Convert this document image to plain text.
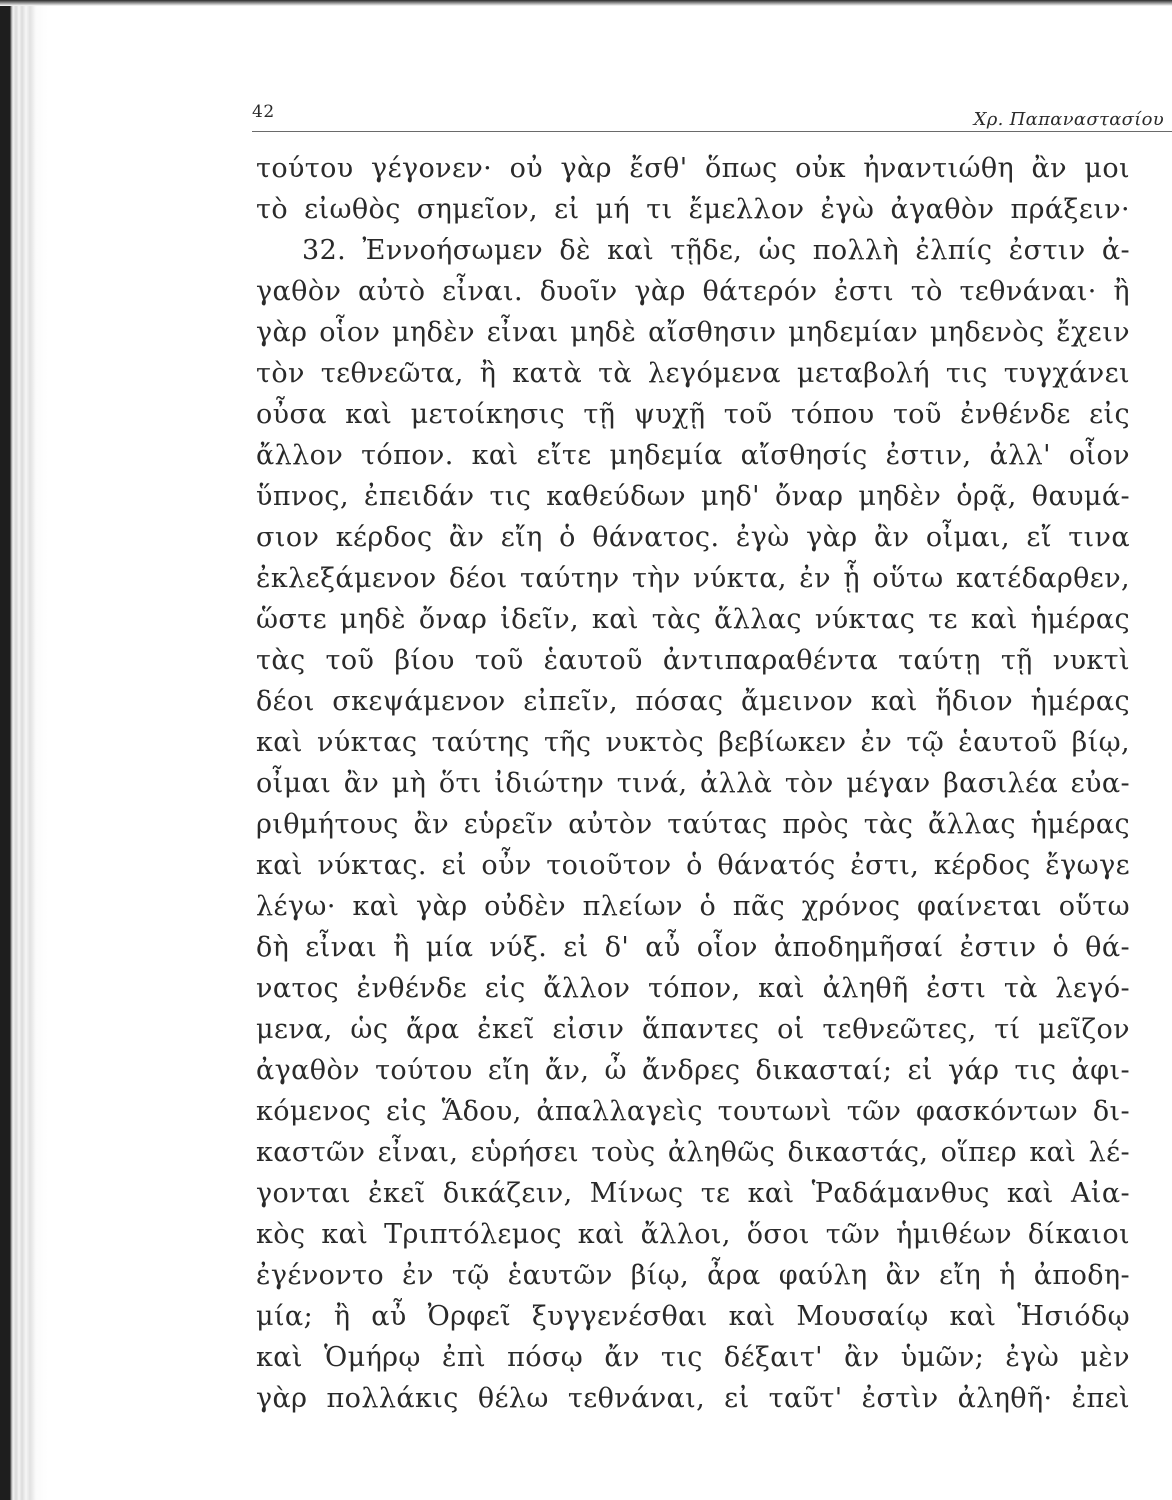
42	Χρ. Παπαναστασίου
τούτου γέγονεν· οὐ γὰρ ἔσθ' ὅπως οὐκ ἠναντιώθη ἂν μοι
τὸ εἰωθὸς σημεῖον, εἰ μή τι ἔμελλον ἐγὼ ἀγαθὸν πράξειν·
32. Ἐννοήσωμεν δὲ καὶ τῇδε, ὡς πολλὴ ἐλπίς ἐστιν ἀ-
γαθὸν αὐτὸ εἶναι. δυοῖν γὰρ θάτερόν ἐστι τὸ τεθνάναι· ἢ
γὰρ οἷον μηδὲν εἶναι μηδὲ αἴσθησιν μηδεμίαν μηδενὸς ἔχειν
τὸν τεθνεῶτα, ἢ κατὰ τὰ λεγόμενα μεταβολή τις τυγχάνει
οὖσα καὶ μετοίκησις τῇ ψυχῇ τοῦ τόπου τοῦ ἐνθένδε εἰς
ἄλλον τόπον. καὶ εἴτε μηδεμία αἴσθησίς ἐστιν, ἀλλ' οἷον
ὕπνος, ἐπειδάν τις καθεύδων μηδ' ὄναρ μηδὲν ὁρᾷ, θαυμά-
σιον κέρδος ἂν εἴη ὁ θάνατος. ἐγὼ γὰρ ἂν οἶμαι, εἴ τινα
ἐκλεξάμενον δέοι ταύτην τὴν νύκτα, ἐν ᾗ οὕτω κατέδαρθεν,
ὥστε μηδὲ ὄναρ ἰδεῖν, καὶ τὰς ἄλλας νύκτας τε καὶ ἡμέρας
τὰς τοῦ βίου τοῦ ἑαυτοῦ ἀντιπαραθέντα ταύτῃ τῇ νυκτὶ
δέοι σκεψάμενον εἰπεῖν, πόσας ἄμεινον καὶ ἥδιον ἡμέρας
καὶ νύκτας ταύτης τῆς νυκτὸς βεβίωκεν ἐν τῷ ἑαυτοῦ βίῳ,
οἶμαι ἂν μὴ ὅτι ἰδιώτην τινά, ἀλλὰ τὸν μέγαν βασιλέα εὐα-
ριθμήτους ἂν εὑρεῖν αὐτὸν ταύτας πρὸς τὰς ἄλλας ἡμέρας
καὶ νύκτας. εἰ οὖν τοιοῦτον ὁ θάνατός ἐστι, κέρδος ἔγωγε
λέγω· καὶ γὰρ οὐδὲν πλείων ὁ πᾶς χρόνος φαίνεται οὕτω
δὴ εἶναι ἢ μία νύξ. εἰ δ' αὖ οἷον ἀποδημῆσαί ἐστιν ὁ θά-
νατος ἐνθένδε εἰς ἄλλον τόπον, καὶ ἀληθῆ ἐστι τὰ λεγό-
μενα, ὡς ἄρα ἐκεῖ εἰσιν ἅπαντες οἱ τεθνεῶτες, τί μεῖζον
ἀγαθὸν τούτου εἴη ἄν, ὦ ἄνδρες δικασταί; εἰ γάρ τις ἀφι-
κόμενος εἰς Ἅδου, ἀπαλλαγεὶς τουτωνὶ τῶν φασκόντων δι-
καστῶν εἶναι, εὑρήσει τοὺς ἀληθῶς δικαστάς, οἵπερ καὶ λέ-
γονται ἐκεῖ δικάζειν, Μίνως τε καὶ Ῥαδάμανθυς καὶ Αἰα-
κὸς καὶ Τριπτόλεμος καὶ ἄλλοι, ὅσοι τῶν ἡμιθέων δίκαιοι
ἐγένοντο ἐν τῷ ἑαυτῶν βίῳ, ἆρα φαύλη ἂν εἴη ἡ ἀποδη-
μία; ἢ αὖ Ὀρφεῖ ξυγγενέσθαι καὶ Μουσαίῳ καὶ Ἡσιόδῳ
καὶ Ὁμήρῳ ἐπὶ πόσῳ ἄν τις δέξαιτ' ἂν ὑμῶν; ἐγὼ μὲν
γὰρ πολλάκις θέλω τεθνάναι, εἰ ταῦτ' ἐστὶν ἀληθῆ· ἐπεὶ
